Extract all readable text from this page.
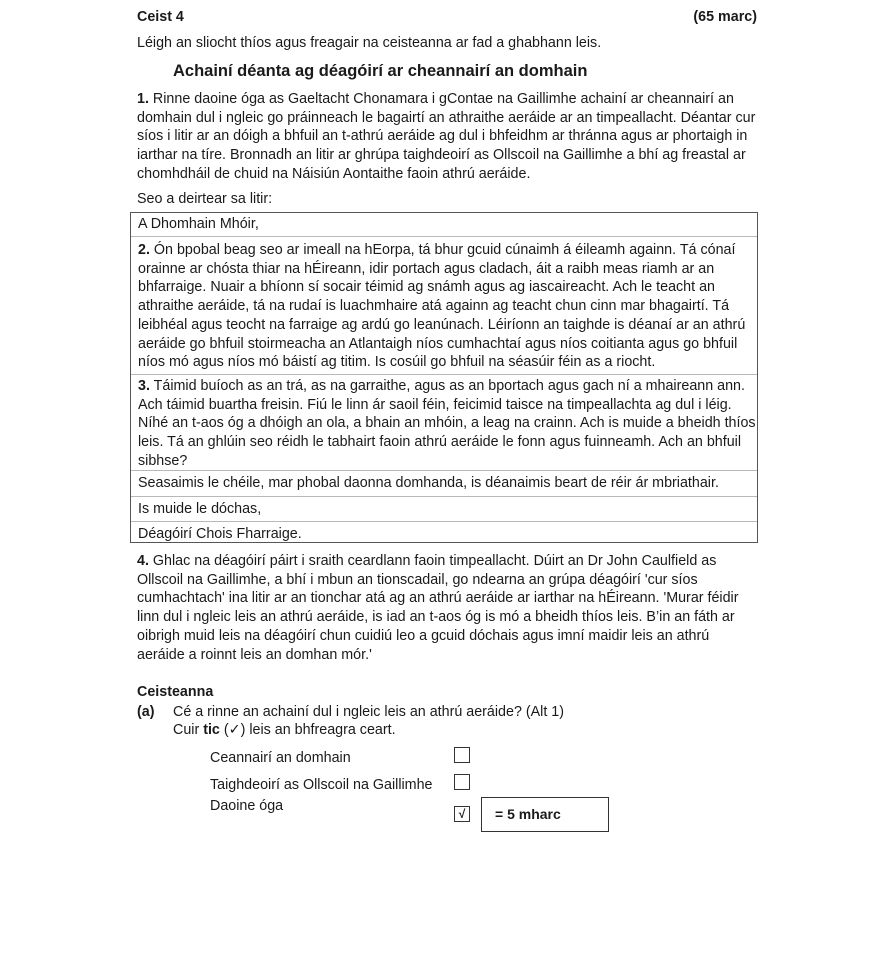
Ceist 4	(65 marc)
Léigh an sliocht thíos agus freagair na ceisteanna ar fad a ghabhann leis.
Achainí déanta ag déagóirí ar cheannairí an domhain
1. Rinne daoine óga as Gaeltacht Chonamara i gContae na Gaillimhe achainí ar cheannairí an domhain dul i ngleic go práinneach le bagairtí an athraithe aeráide ar an timpeallacht. Déantar cur síos i litir ar an dóigh a bhfuil an t-athrú aeráide ag dul i bhfeidhm ar thránna agus ar phortaigh in iarthar na tíre. Bronnadh an litir ar ghrúpa taighdeoirí as Ollscoil na Gaillimhe a bhí ag freastal ar chomhdháil de chuid na Náisiún Aontaithe faoin athrú aeráide.
Seo a deirtear sa litir:
A Dhomhain Mhóir,
2. Ón bpobal beag seo ar imeall na hEorpa, tá bhur gcuid cúnaimh á éileamh againn. Tá cónaí orainne ar chósta thiar na hÉireann, idir portach agus cladach, áit a raibh meas riamh ar an bhfarraige. Nuair a bhíonn sí socair téimid ag snámh agus ag iascaireacht. Ach le teacht an athraithe aeráide, tá na rudaí is luachmhaire atá againn ag teacht chun cinn mar bhagairtí. Tá leibhéal agus teocht na farraige ag ardú go leanúnach. Léiríonn an taighde is déanaí ar an athrú aeráide go bhfuil stoirmeacha an Atlantaigh níos cumhachtaí agus níos coitianta agus go bhfuil níos mó agus níos mó báistí ag titim. Is cosúil go bhfuil na séasúir féin as a riocht.
3. Táimid buíoch as an trá, as na garraithe, agus as an bportach agus gach ní a mhaireann ann. Ach táimid buartha freisin. Fiú le linn ár saoil féin, feicimid taisce na timpeallachta ag dul i léig. Níhé an t-aos óg a dhóigh an ola, a bhain an mhóin, a leag na crainn. Ach is muide a bheidh thíos leis. Tá an ghlúin seo réidh le tabhairt faoin athrú aeráide le fonn agus fuinneamh. Ach an bhfuil sibhse?
Seasaimis le chéile, mar phobal daonna domhanda, is déanaimis beart de réir ár mbriathair.
Is muide le dóchas,
Déagóirí Chois Fharraige.
4. Ghlac na déagóirí páirt i sraith ceardlann faoin timpeallacht. Dúirt an Dr John Caulfield as Ollscoil na Gaillimhe, a bhí i mbun an tionscadail, go ndearna an grúpa déagóirí 'cur síos cumhachtach' ina litir ar an tionchar atá ag an athrú aeráide ar iarthar na hÉireann. 'Murar féidir linn dul i ngleic leis an athrú aeráide, is iad an t-aos óg is mó a bheidh thíos leis. B’in an fáth ar oibrigh muid leis na déagóirí chun cuidiú leo a gcuid dóchais agus imní maidir leis an athrú aeráide a roinnt leis an domhan mór.'
Ceisteanna
(a) Cé a rinne an achainí dul i ngleic leis an athrú aeráide? (Alt 1)
Cuir tic (✓) leis an bhfreagra ceart.
Ceannairí an domhain
Taighdeoirí as Ollscoil na Gaillimhe
Daoine óga	√	= 5 mharc
